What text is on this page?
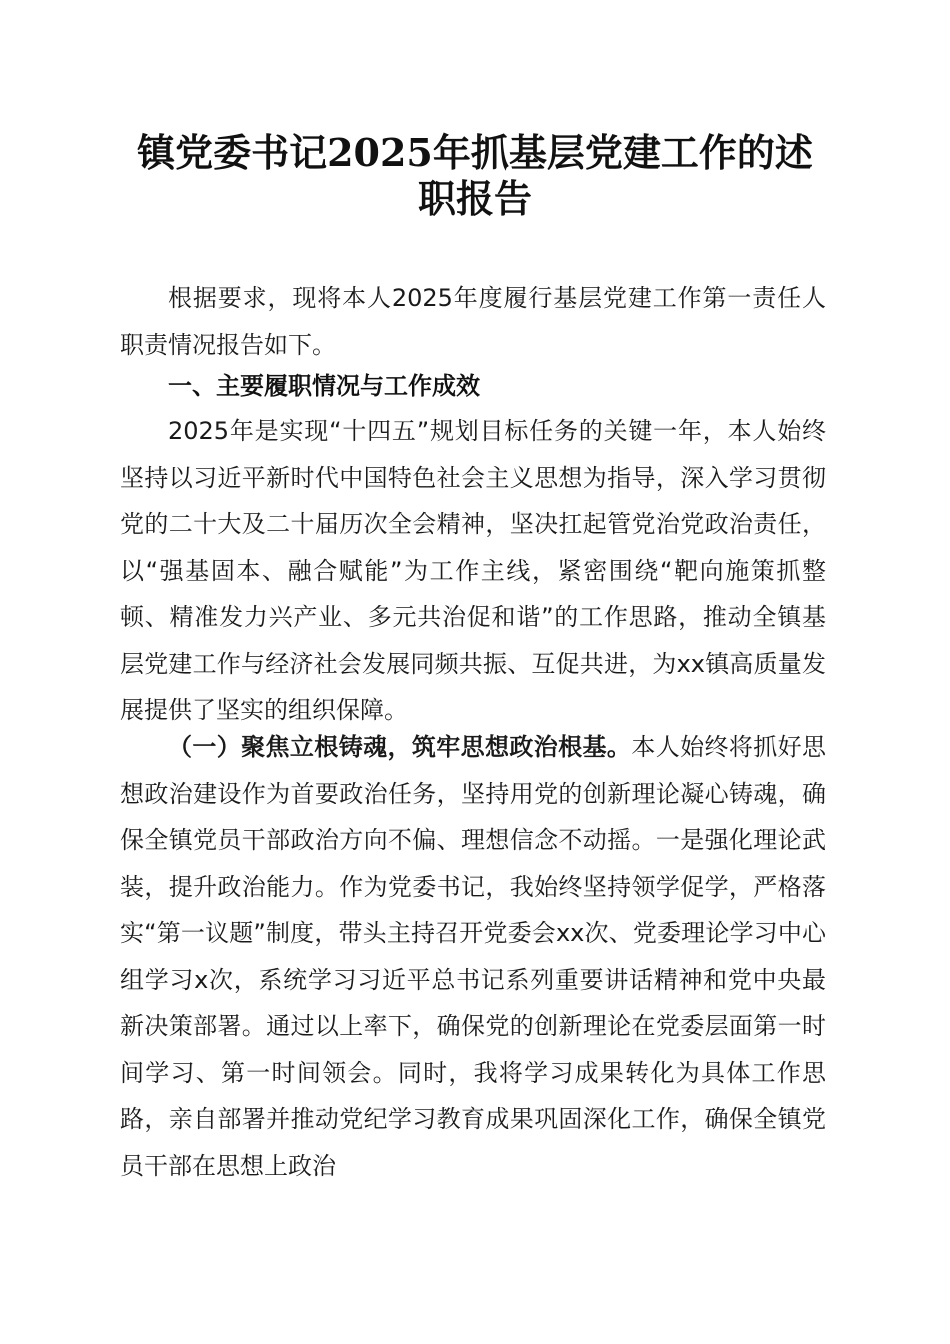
镇党委书记2025年抓基层党建工作的述职报告

根据要求，现将本人2025年度履行基层党建工作第一责任人职责情况报告如下。

一、主要履职情况与工作成效

2025年是实现“十四五”规划目标任务的关键一年，本人始终坚持以习近平新时代中国特色社会主义思想为指导，深入学习贯彻党的二十大及二十届历次全会精神，坚决扛起管党治党政治责任，以“强基固本、融合赋能”为工作主线，紧密围绕“靶向施策抓整顿、精准发力兴产业、多元共治促和谐”的工作思路，推动全镇基层党建工作与经济社会发展同频共振、互促共进，为xx镇高质量发展提供了坚实的组织保障。

（一）聚焦立根铸魂，筑牢思想政治根基。本人始终将抓好思想政治建设作为首要政治任务，坚持用党的创新理论凝心铸魂，确保全镇党员干部政治方向不偏、理想信念不动摇。一是强化理论武装，提升政治能力。作为党委书记，我始终坚持领学促学，严格落实“第一议题”制度，带头主持召开党委会xx次、党委理论学习中心组学习x次，系统学习习近平总书记系列重要讲话精神和党中央最新决策部署。通过以上率下，确保党的创新理论在党委层面第一时间学习、第一时间领会。同时，我将学习成果转化为具体工作思路，亲自部署并推动党纪学习教育成果巩固深化工作，确保全镇党员干部在思想上政治
